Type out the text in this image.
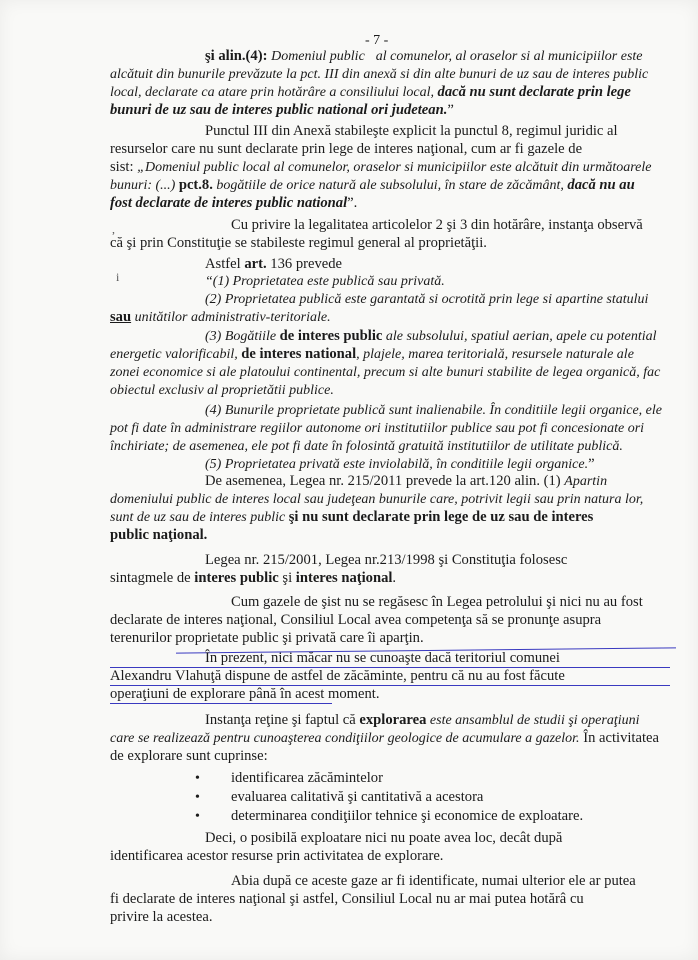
- 7 -
,
i
şi alin.(4): Domeniul public al comunelor, al oraselor si al municipiilor este
alcătuit din bunurile prevăzute la pct. III din anexă si din alte bunuri de uz sau de interes public
local, declarate ca atare prin hotărâre a consiliului local, dacă nu sunt declarate prin lege
bunuri de uz sau de interes public national ori judetean.”
Punctul III din Anexă stabileşte explicit la punctul 8, regimul juridic al
resurselor care nu sunt declarate prin lege de interes naţional, cum ar fi gazele de
sist: „Domeniul public local al comunelor, oraselor si municipiilor este alcătuit din următoarele
bunuri: (...) pct.8. bogătiile de orice natură ale subsolului, în stare de zăcământ, dacă nu au
fost declarate de interes public national”.
Cu privire la legalitatea articolelor 2 şi 3 din hotărâre, instanţa observă
că şi prin Constituţie se stabileste regimul general al proprietăţii.
Astfel art. 136 prevede
“(1) Proprietatea este publică sau privată.
(2) Proprietatea publică este garantată si ocrotită prin lege si apartine statului
sau unitătilor administrativ-teritoriale.
(3) Bogătiile de interes public ale subsolului, spatiul aerian, apele cu potential
energetic valorificabil, de interes national, plajele, marea teritorială, resursele naturale ale
zonei economice si ale platoului continental, precum si alte bunuri stabilite de legea organică, fac
obiectul exclusiv al proprietătii publice.
(4) Bunurile proprietate publică sunt inalienabile. În conditiile legii organice, ele
pot fi date în administrare regiilor autonome ori institutiilor publice sau pot fi concesionate ori
închiriate; de asemenea, ele pot fi date în folosintă gratuită institutiilor de utilitate publică.
(5) Proprietatea privată este inviolabilă, în conditiile legii organice.”
De asemenea, Legea nr. 215/2011 prevede la art.120 alin. (1) Apartin
domeniului public de interes local sau judeţean bunurile care, potrivit legii sau prin natura lor,
sunt de uz sau de interes public şi nu sunt declarate prin lege de uz sau de interes
public naţional.
Legea nr. 215/2001, Legea nr.213/1998 şi Constituţia folosesc
sintagmele de interes public şi interes naţional.
Cum gazele de şist nu se regăsesc în Legea petrolului şi nici nu au fost
declarate de interes naţional, Consiliul Local avea competenţa să se pronunţe asupra
terenurilor proprietate public şi privată care îi aparţin.
În prezent, nici măcar nu se cunoaşte dacă teritoriul comunei
Alexandru Vlahuţă dispune de astfel de zăcăminte, pentru că nu au fost făcute
operaţiuni de explorare până în acest moment.
Instanţa reţine şi faptul că explorarea este ansamblul de studii şi operaţiuni
care se realizează pentru cunoaşterea condiţiilor geologice de acumulare a gazelor. În activitatea
de explorare sunt cuprinse:
• identificarea zăcămintelor
• evaluarea calitativă şi cantitativă a acestora
• determinarea condiţiilor tehnice şi economice de exploatare.
Deci, o posibilă exploatare nici nu poate avea loc, decât după
identificarea acestor resurse prin activitatea de explorare.
Abia după ce aceste gaze ar fi identificate, numai ulterior ele ar putea
fi declarate de interes naţional şi astfel, Consiliul Local nu ar mai putea hotărâ cu
privire la acestea.
